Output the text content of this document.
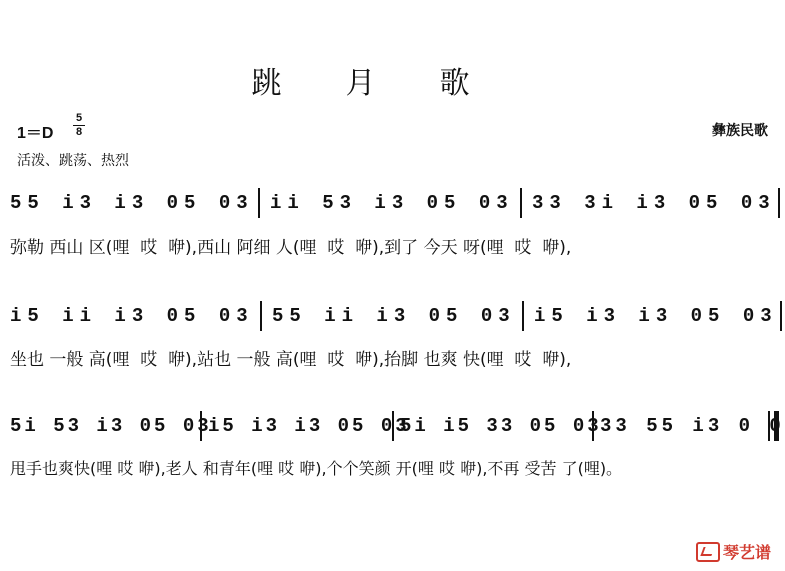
跳月歌
1＝D
5
8
活泼、跳荡、热烈
彝族民歌
55 i3 i3 05 03 ii 53 i3 05 03 33 3i i3 05 03
弥勒 西山 区(哩  哎  咿),西山 阿细 人(哩  哎  咿),到了 今天 呀(哩  哎  咿),
i5 ii i3 05 03 55 ii i3 05 03 i5 i3 i3 05 03
坐也 一般 高(哩  哎  咿),站也 一般 高(哩  哎  咿),抬脚 也爽 快(哩  哎  咿),
5i 53 i3 05 03
i5 i3 i3 05 03
5i i5 33 05 03
33 55 i3 0 0
甩手也爽快(哩 哎 咿),老人 和青年(哩 哎 咿),个个笑颜 开(哩 哎 咿),不再 受苦 了(哩)。
琴艺谱
